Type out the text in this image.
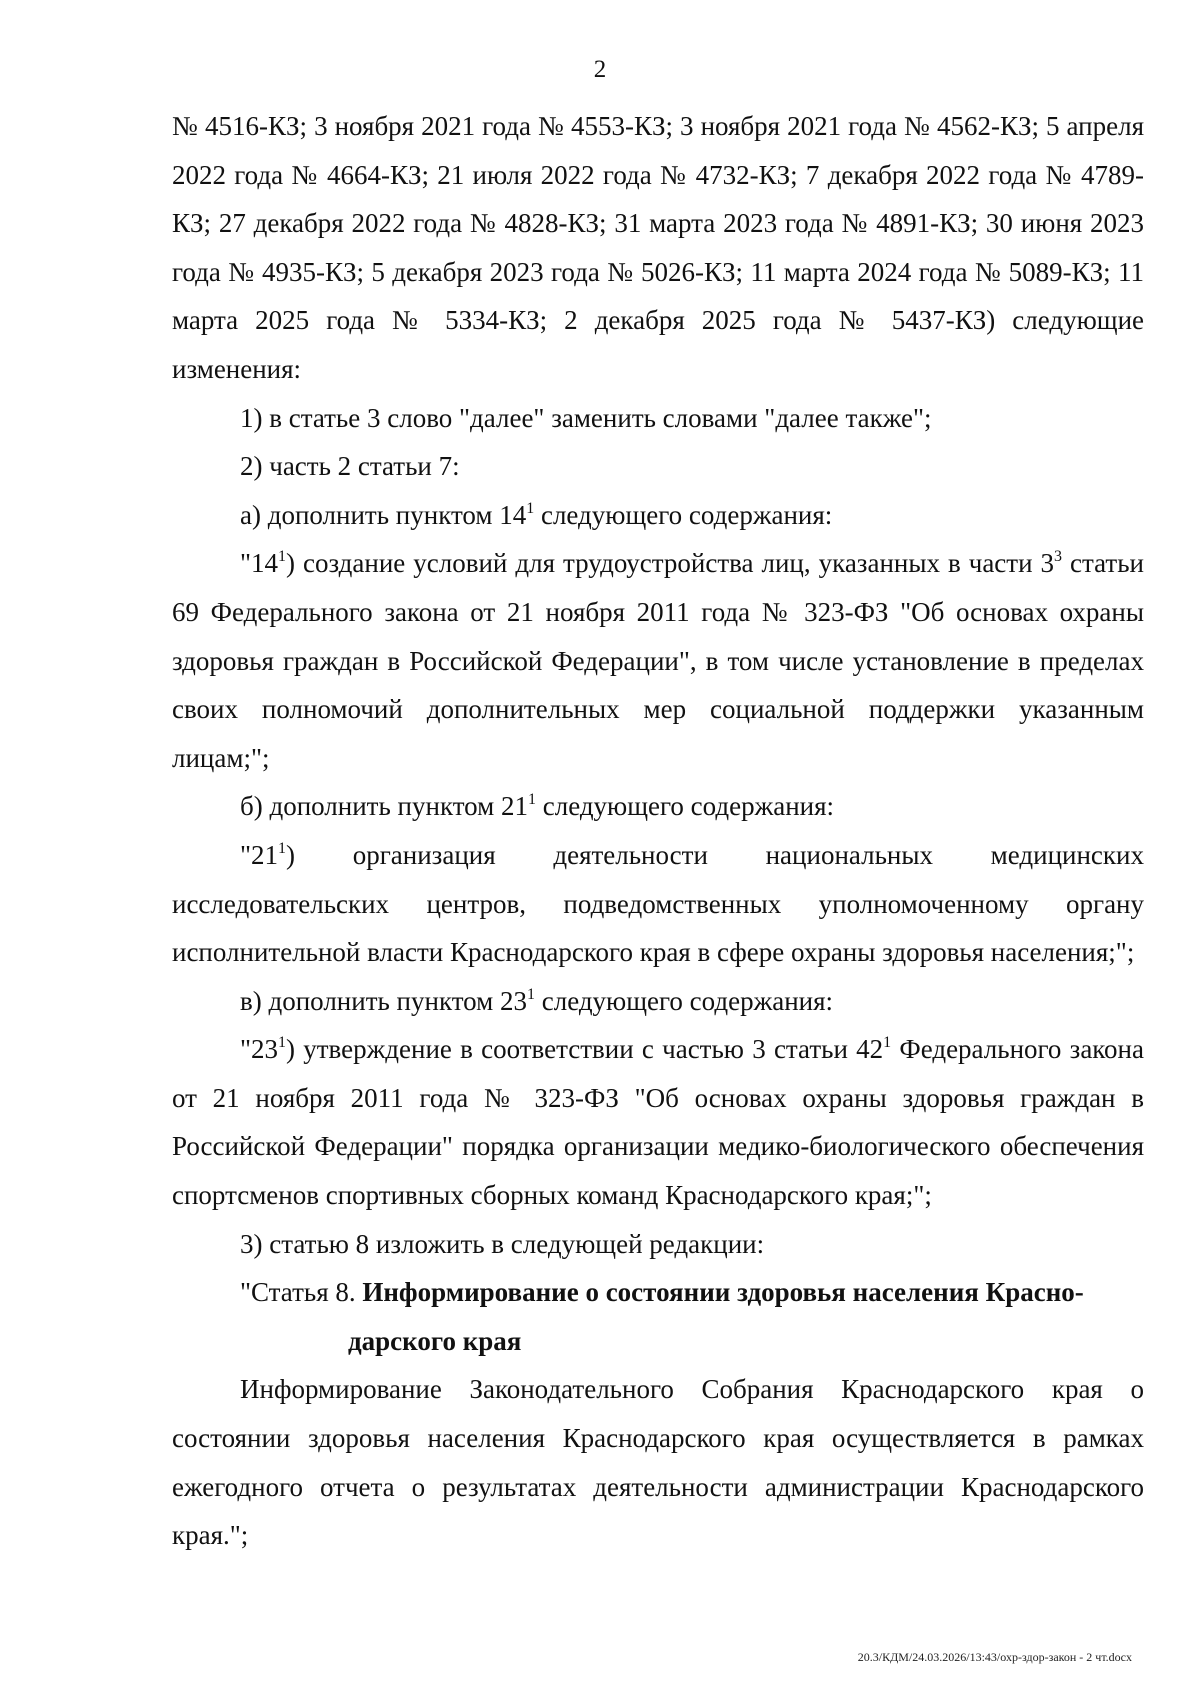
2

№ 4516-КЗ; 3 ноября 2021 года № 4553-КЗ; 3 ноября 2021 года № 4562-КЗ; 5 апреля 2022 года № 4664-КЗ; 21 июля 2022 года № 4732-КЗ; 7 декабря 2022 года № 4789-КЗ; 27 декабря 2022 года № 4828-КЗ; 31 марта 2023 года № 4891-КЗ; 30 июня 2023 года № 4935-КЗ; 5 декабря 2023 года № 5026-КЗ; 11 марта 2024 года № 5089-КЗ; 11 марта 2025 года № 5334-КЗ; 2 декабря 2025 года № 5437-КЗ) следующие изменения:

1) в статье 3 слово "далее" заменить словами "далее также";

2) часть 2 статьи 7:

а) дополнить пунктом $14^1$ следующего содержания:

"$14^1$) создание условий для трудоустройства лиц, указанных в части $3^3$ статьи 69 Федерального закона от 21 ноября 2011 года № 323-ФЗ "Об основах охраны здоровья граждан в Российской Федерации", в том числе установление в пределах своих полномочий дополнительных мер социальной поддержки указанным лицам;";

б) дополнить пунктом $21^1$ следующего содержания:

"$21^1$) организация деятельности национальных медицинских исследовательских центров, подведомственных уполномоченному органу исполнительной власти Краснодарского края в сфере охраны здоровья населения;";

в) дополнить пунктом $23^1$ следующего содержания:

"$23^1$) утверждение в соответствии с частью 3 статьи $42^1$ Федерального закона от 21 ноября 2011 года № 323-ФЗ "Об основах охраны здоровья граждан в Российской Федерации" порядка организации медико-биологического обеспечения спортсменов спортивных сборных команд Краснодарского края;";

3) статью 8 изложить в следующей редакции:

"Статья 8. Информирование о состоянии здоровья населения Красно-

дарского края

Информирование Законодательного Собрания Краснодарского края о состоянии здоровья населения Краснодарского края осуществляется в рамках ежегодного отчета о результатах деятельности администрации Краснодарского края.";

20.3/КДМ/24.03.2026/13:43/охр-здор-закон - 2 чт.docx
